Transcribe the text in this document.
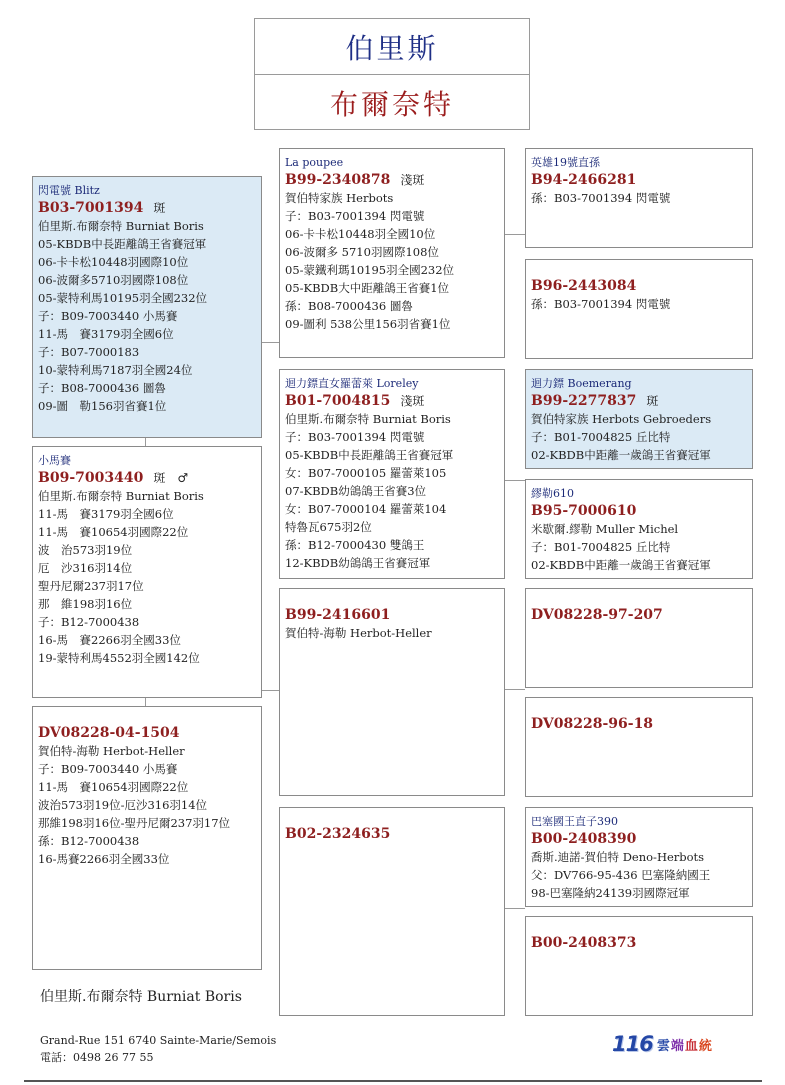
伯里斯
布爾奈特
閃電號 Blitz
B03-7001394 斑
伯里斯.布爾奈特 Burniat Boris
05-KBDB中長距離鴿王省賽冠軍
06-卡卡松10448羽國際10位
06-波爾多5710羽國際108位
05-蒙特利馬10195羽全國232位
子：B09-7003440 小馬賽
11-馬　賽3179羽全國6位
子：B07-7000183
10-蒙特利馬7187羽全國24位
子：B08-7000436 圖魯
09-圖　勒156羽省賽1位
小馬賽
B09-7003440 斑　♂
伯里斯.布爾奈特 Burniat Boris
11-馬　賽3179羽全國6位
11-馬　賽10654羽國際22位
波　治573羽19位
厄　沙316羽14位
聖丹尼爾237羽17位
那　維198羽16位
子：B12-7000438
16-馬　賽2266羽全國33位
19-蒙特利馬4552羽全國142位
DV08228-04-1504
賀伯特-海勒 Herbot-Heller
子：B09-7003440 小馬賽
11-馬　賽10654羽國際22位
波治573羽19位-厄沙316羽14位
那維198羽16位-聖丹尼爾237羽17位
孫：B12-7000438
16-馬賽2266羽全國33位
La poupee
B99-2340878 淺斑
賀伯特家族 Herbots
子：B03-7001394 閃電號
06-卡卡松10448羽全國10位
06-波爾多 5710羽國際108位
05-蒙鐵利瑪10195羽全國232位
05-KBDB大中距離鴿王省賽1位
孫：B08-7000436 圖魯
09-圖利 538公里156羽省賽1位
迴力鏢直女羅蕾萊 Loreley
B01-7004815 淺斑
伯里斯.布爾奈特 Burniat Boris
子：B03-7001394 閃電號
05-KBDB中長距離鴿王省賽冠軍
女：B07-7000105 羅蕾萊105
07-KBDB幼鴿鴿王省賽3位
女：B07-7000104 羅蕾萊104
特魯瓦675羽2位
孫：B12-7000430 雙鴿王
12-KBDB幼鴿鴿王省賽冠軍
B99-2416601
賀伯特-海勒 Herbot-Heller
B02-2324635
英雄19號直孫
B94-2466281
孫：B03-7001394 閃電號
B96-2443084
孫：B03-7001394 閃電號
迴力鏢 Boemerang
B99-2277837 斑
賀伯特家族 Herbots Gebroeders
子：B01-7004825 丘比特
02-KBDB中距離一歲鴿王省賽冠軍
繆勒610
B95-7000610
米歇爾.繆勒 Muller Michel
子：B01-7004825 丘比特
02-KBDB中距離一歲鴿王省賽冠軍
DV08228-97-207
DV08228-96-18
巴塞國王直子390
B00-2408390
喬斯.迪諾-賀伯特 Deno-Herbots
父：DV766-95-436 巴塞隆納國王
98-巴塞隆納24139羽國際冠軍
B00-2408373
伯里斯.布爾奈特 Burniat Boris
Grand-Rue 151 6740 Sainte-Marie/Semois
電話：0498 26 77 55
116 雲端血統
